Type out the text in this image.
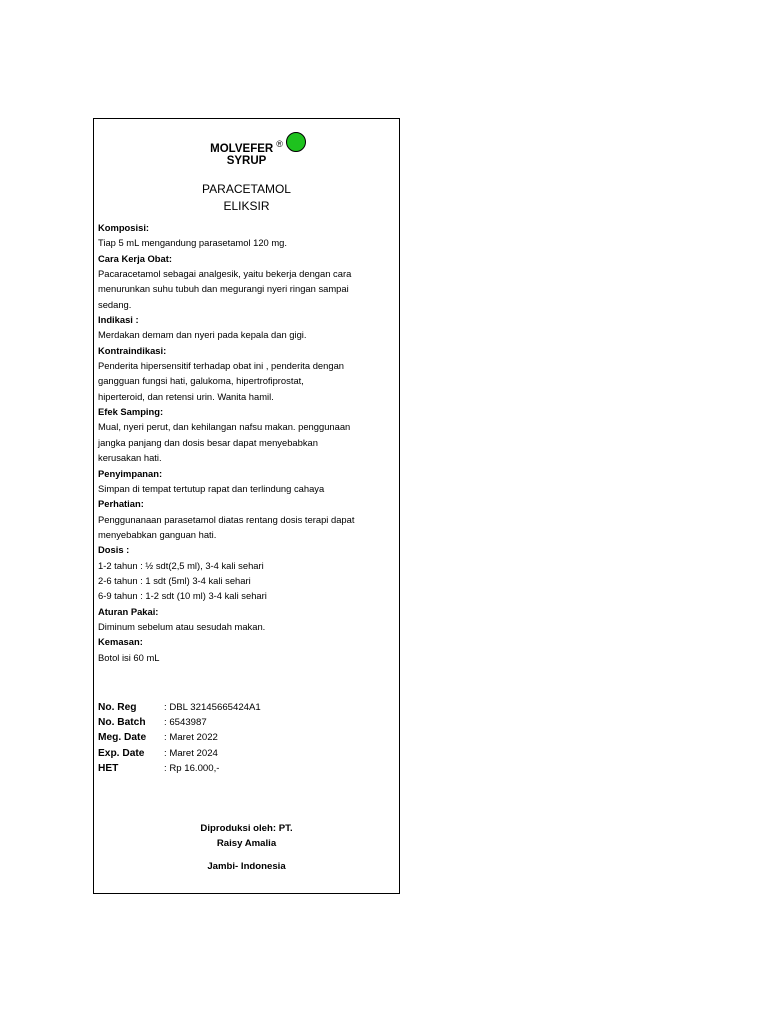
MOLVEFER ®
SYRUP
PARACETAMOL
ELIKSIR
Komposisi:
Tiap 5 mL mengandung parasetamol 120 mg.
Cara Kerja Obat:
Pacaracetamol sebagai analgesik, yaitu bekerja dengan cara
menurunkan suhu tubuh dan megurangi nyeri ringan sampai
sedang.
Indikasi :
Merdakan demam dan nyeri pada kepala dan gigi.
Kontraindikasi:
Penderita hipersensitif terhadap obat ini , penderita dengan
gangguan fungsi hati, galukoma, hipertrofiprostat,
hiperteroid, dan retensi urin. Wanita hamil.
Efek Samping:
Mual, nyeri perut, dan kehilangan nafsu makan. penggunaan
jangka panjang dan dosis besar dapat menyebabkan
kerusakan hati.
Penyimpanan:
Simpan di tempat tertutup rapat dan terlindung cahaya
Perhatian:
Penggunanaan parasetamol diatas rentang dosis terapi dapat
menyebabkan ganguan hati.
Dosis :
1-2 tahun : ½ sdt(2,5 ml), 3-4 kali sehari
2-6 tahun : 1 sdt (5ml) 3-4 kali sehari
6-9 tahun : 1-2 sdt (10 ml) 3-4 kali sehari
Aturan Pakai:
Diminum sebelum atau sesudah makan.
Kemasan:
Botol isi 60 mL
No. Reg	: DBL 32145665424A1
No. Batch	: 6543987
Meg. Date	: Maret 2022
Exp. Date	: Maret 2024
HET	: Rp 16.000,-
Diproduksi oleh: PT.
Raisy Amalia
Jambi- Indonesia
